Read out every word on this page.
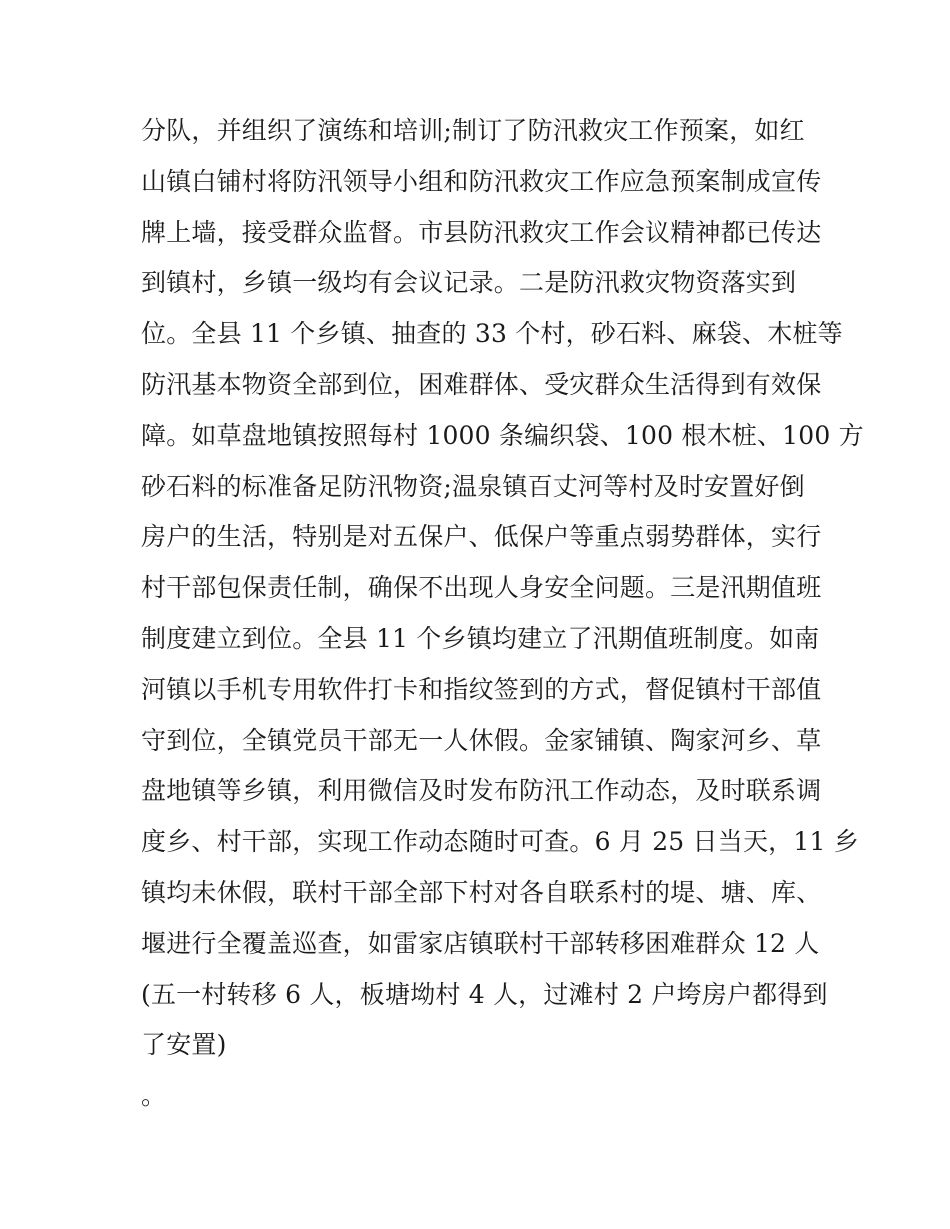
分队，并组织了演练和培训;制订了防汛救灾工作预案，如红
山镇白铺村将防汛领导小组和防汛救灾工作应急预案制成宣传
牌上墙，接受群众监督。市县防汛救灾工作会议精神都已传达
到镇村，乡镇一级均有会议记录。二是防汛救灾物资落实到
位。全县 11 个乡镇、抽查的 33 个村，砂石料、麻袋、木桩等
防汛基本物资全部到位，困难群体、受灾群众生活得到有效保
障。如草盘地镇按照每村 1000 条编织袋、100 根木桩、100 方
砂石料的标准备足防汛物资;温泉镇百丈河等村及时安置好倒
房户的生活，特别是对五保户、低保户等重点弱势群体，实行
村干部包保责任制，确保不出现人身安全问题。三是汛期值班
制度建立到位。全县 11 个乡镇均建立了汛期值班制度。如南
河镇以手机专用软件打卡和指纹签到的方式，督促镇村干部值
守到位，全镇党员干部无一人休假。金家铺镇、陶家河乡、草
盘地镇等乡镇，利用微信及时发布防汛工作动态，及时联系调
度乡、村干部，实现工作动态随时可查。6 月 25 日当天，11 乡
镇均未休假，联村干部全部下村对各自联系村的堤、塘、库、
堰进行全覆盖巡查，如雷家店镇联村干部转移困难群众 12 人
(五一村转移 6 人，板塘坳村 4 人，过滩村 2 户垮房户都得到
了安置)
。
